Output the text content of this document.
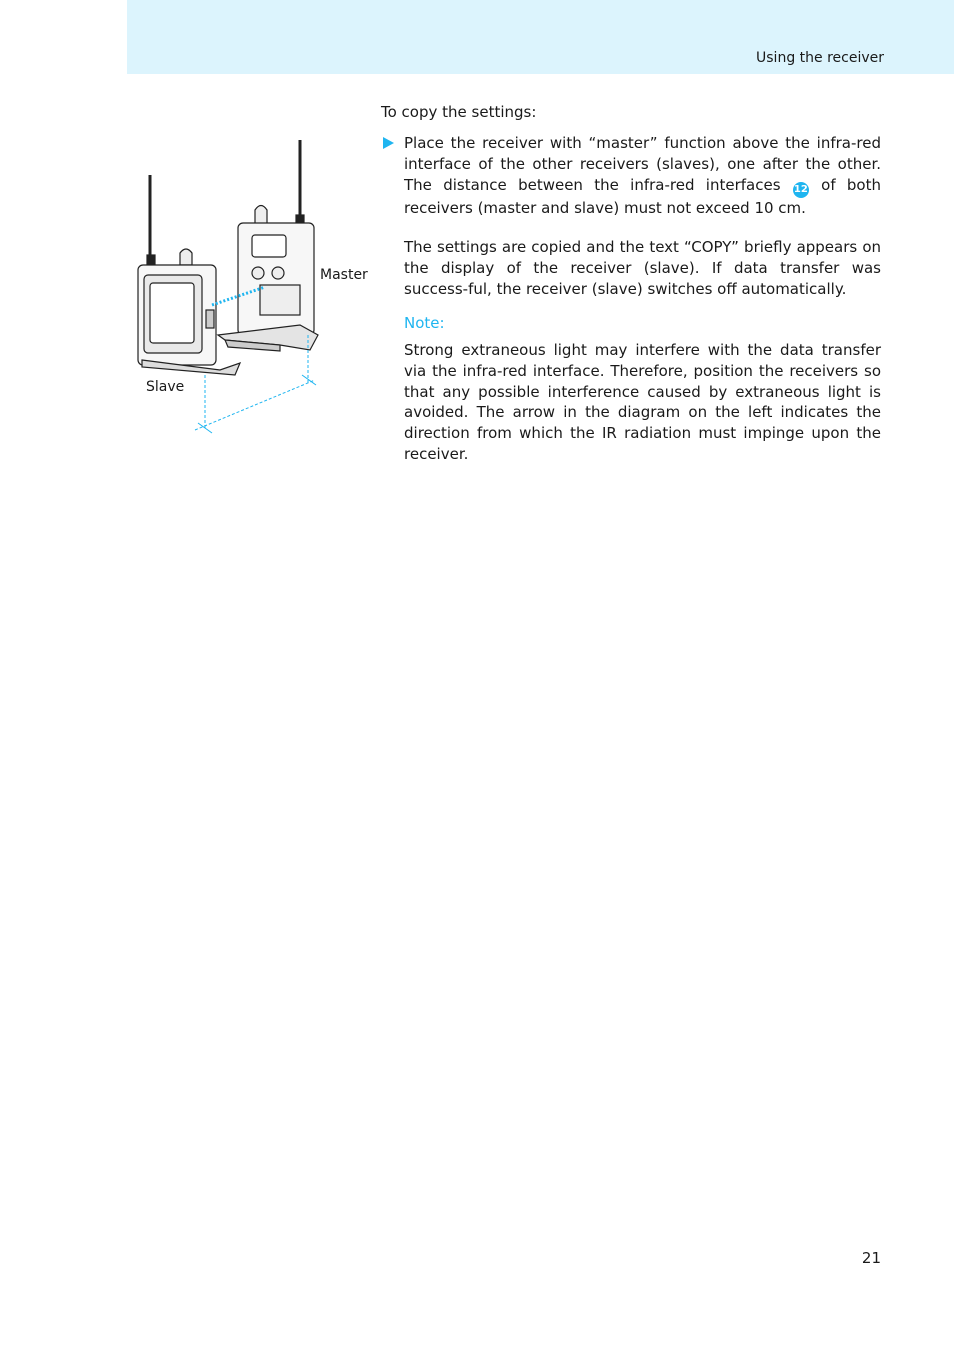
Using the receiver
Master
Slave
To copy the settings:
Place the receiver with “master” function above the infra-red interface of the other receivers (slaves), one after the other. The distance between the infra-red interfaces 12 of both receivers (master and slave) must not exceed 10 cm.
The settings are copied and the text “COPY” briefly appears on the display of the receiver (slave). If data transfer was success-ful, the receiver (slave) switches off automatically.
Note:
Strong extraneous light may interfere with the data transfer via the infra-red interface. Therefore, position the receivers so that any possible interference caused by extraneous light is avoided. The arrow in the diagram on the left indicates the direction from which the IR radiation must impinge upon the receiver.
21
